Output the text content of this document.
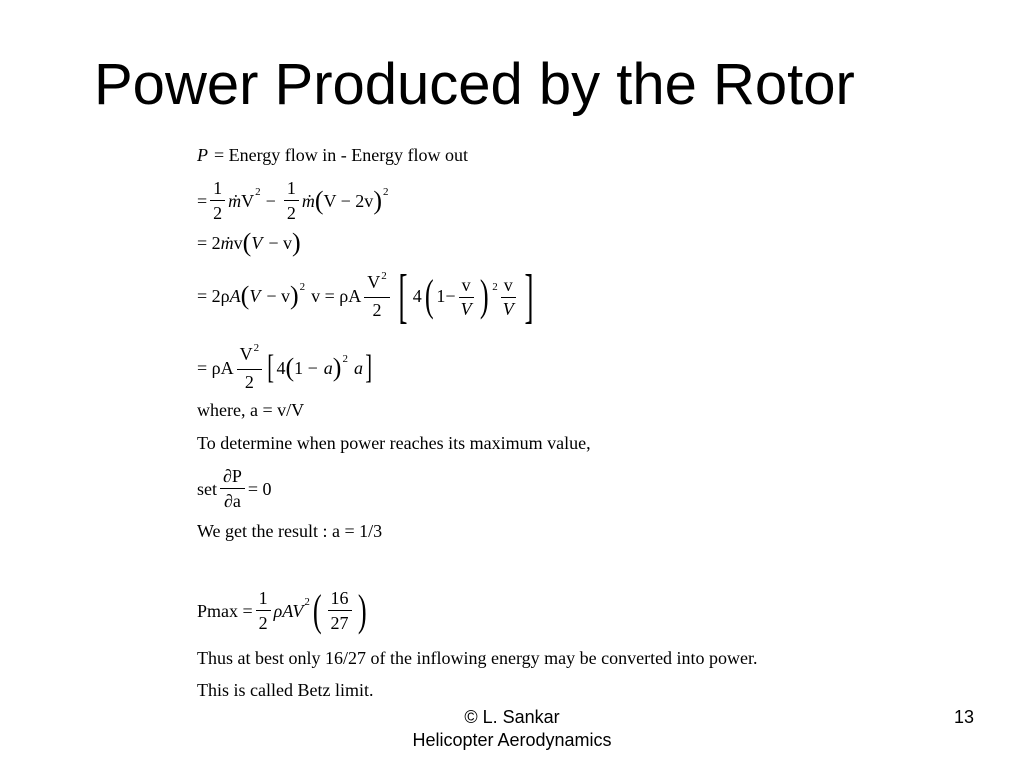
Power Produced by the Rotor
P = Energy flow in - Energy flow out
= $\frac{1}{2}$ ṁ $V^2 - \frac{1}{2}$ ṁ ( V − 2v )$^2$
= 2 ṁ v ( V − v )
= 2ρ A ( V − v )$^2$ v = ρA $\frac{V^2}{2}$ [ 4 ( $1- \frac{v}{V}$ ) $^2 \frac{v}{V}$ ]
= ρA $\frac{V^2}{2}$ [ 4 ( 1 − a )$^2$ a ]
where, a = v/V
To determine when power reaches its maximum value,
set $\frac{\partial P}{\partial a} = 0$
We get the result : a = 1/3
$Pmax = \frac{1}{2}$ ρ $AV^2$ ( $\frac{16}{27}$ )
Thus at best only 16/27 of the inflowing energy may be converted into power.
This is called Betz limit.
© L. Sankar
Helicopter Aerodynamics
13
